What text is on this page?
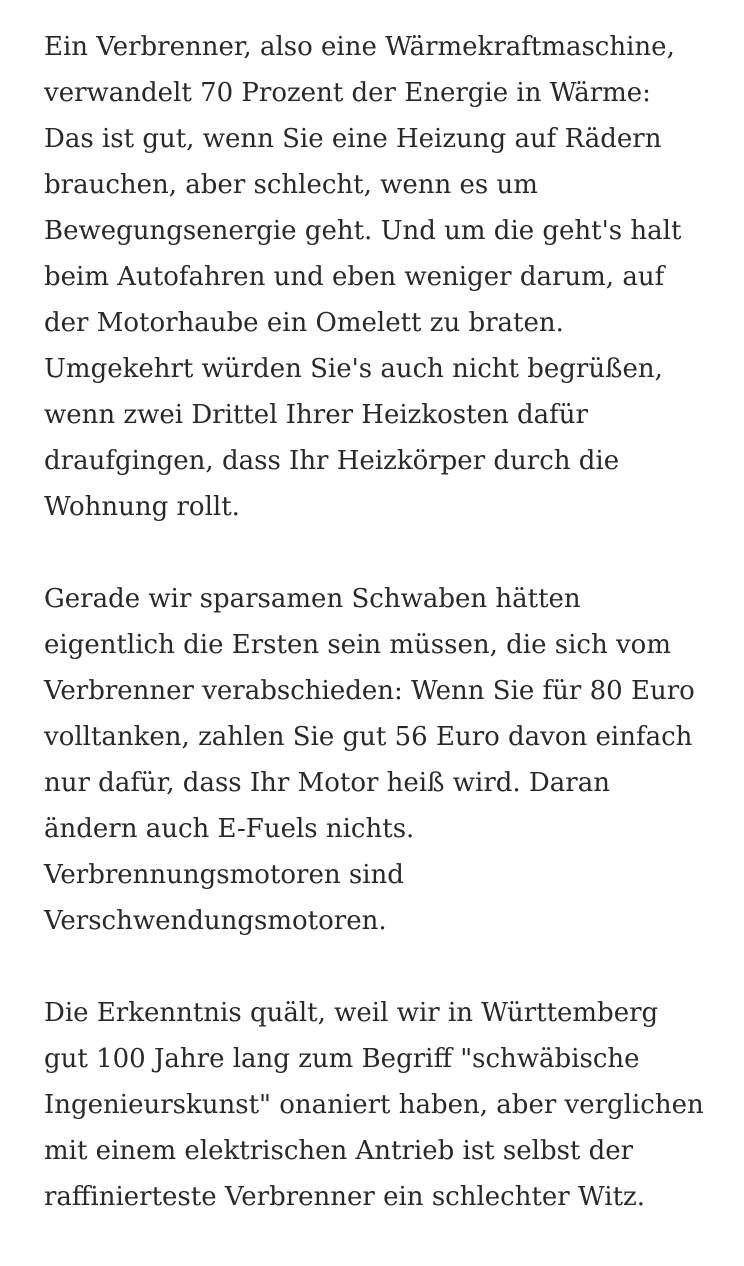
Ein Verbrenner, also eine Wärmekraftmaschine,
verwandelt 70 Prozent der Energie in Wärme:
Das ist gut, wenn Sie eine Heizung auf Rädern
brauchen, aber schlecht, wenn es um
Bewegungsenergie geht. Und um die geht's halt
beim Autofahren und eben weniger darum, auf
der Motorhaube ein Omelett zu braten.
Umgekehrt würden Sie's auch nicht begrüßen,
wenn zwei Drittel Ihrer Heizkosten dafür
draufgingen, dass Ihr Heizkörper durch die
Wohnung rollt.

Gerade wir sparsamen Schwaben hätten
eigentlich die Ersten sein müssen, die sich vom
Verbrenner verabschieden: Wenn Sie für 80 Euro
volltanken, zahlen Sie gut 56 Euro davon einfach
nur dafür, dass Ihr Motor heiß wird. Daran
ändern auch E-Fuels nichts.
Verbrennungsmotoren sind
Verschwendungsmotoren.

Die Erkenntnis quält, weil wir in Württemberg
gut 100 Jahre lang zum Begriff "schwäbische
Ingenieurskunst" onaniert haben, aber verglichen
mit einem elektrischen Antrieb ist selbst der
raffinierteste Verbrenner ein schlechter Witz.
